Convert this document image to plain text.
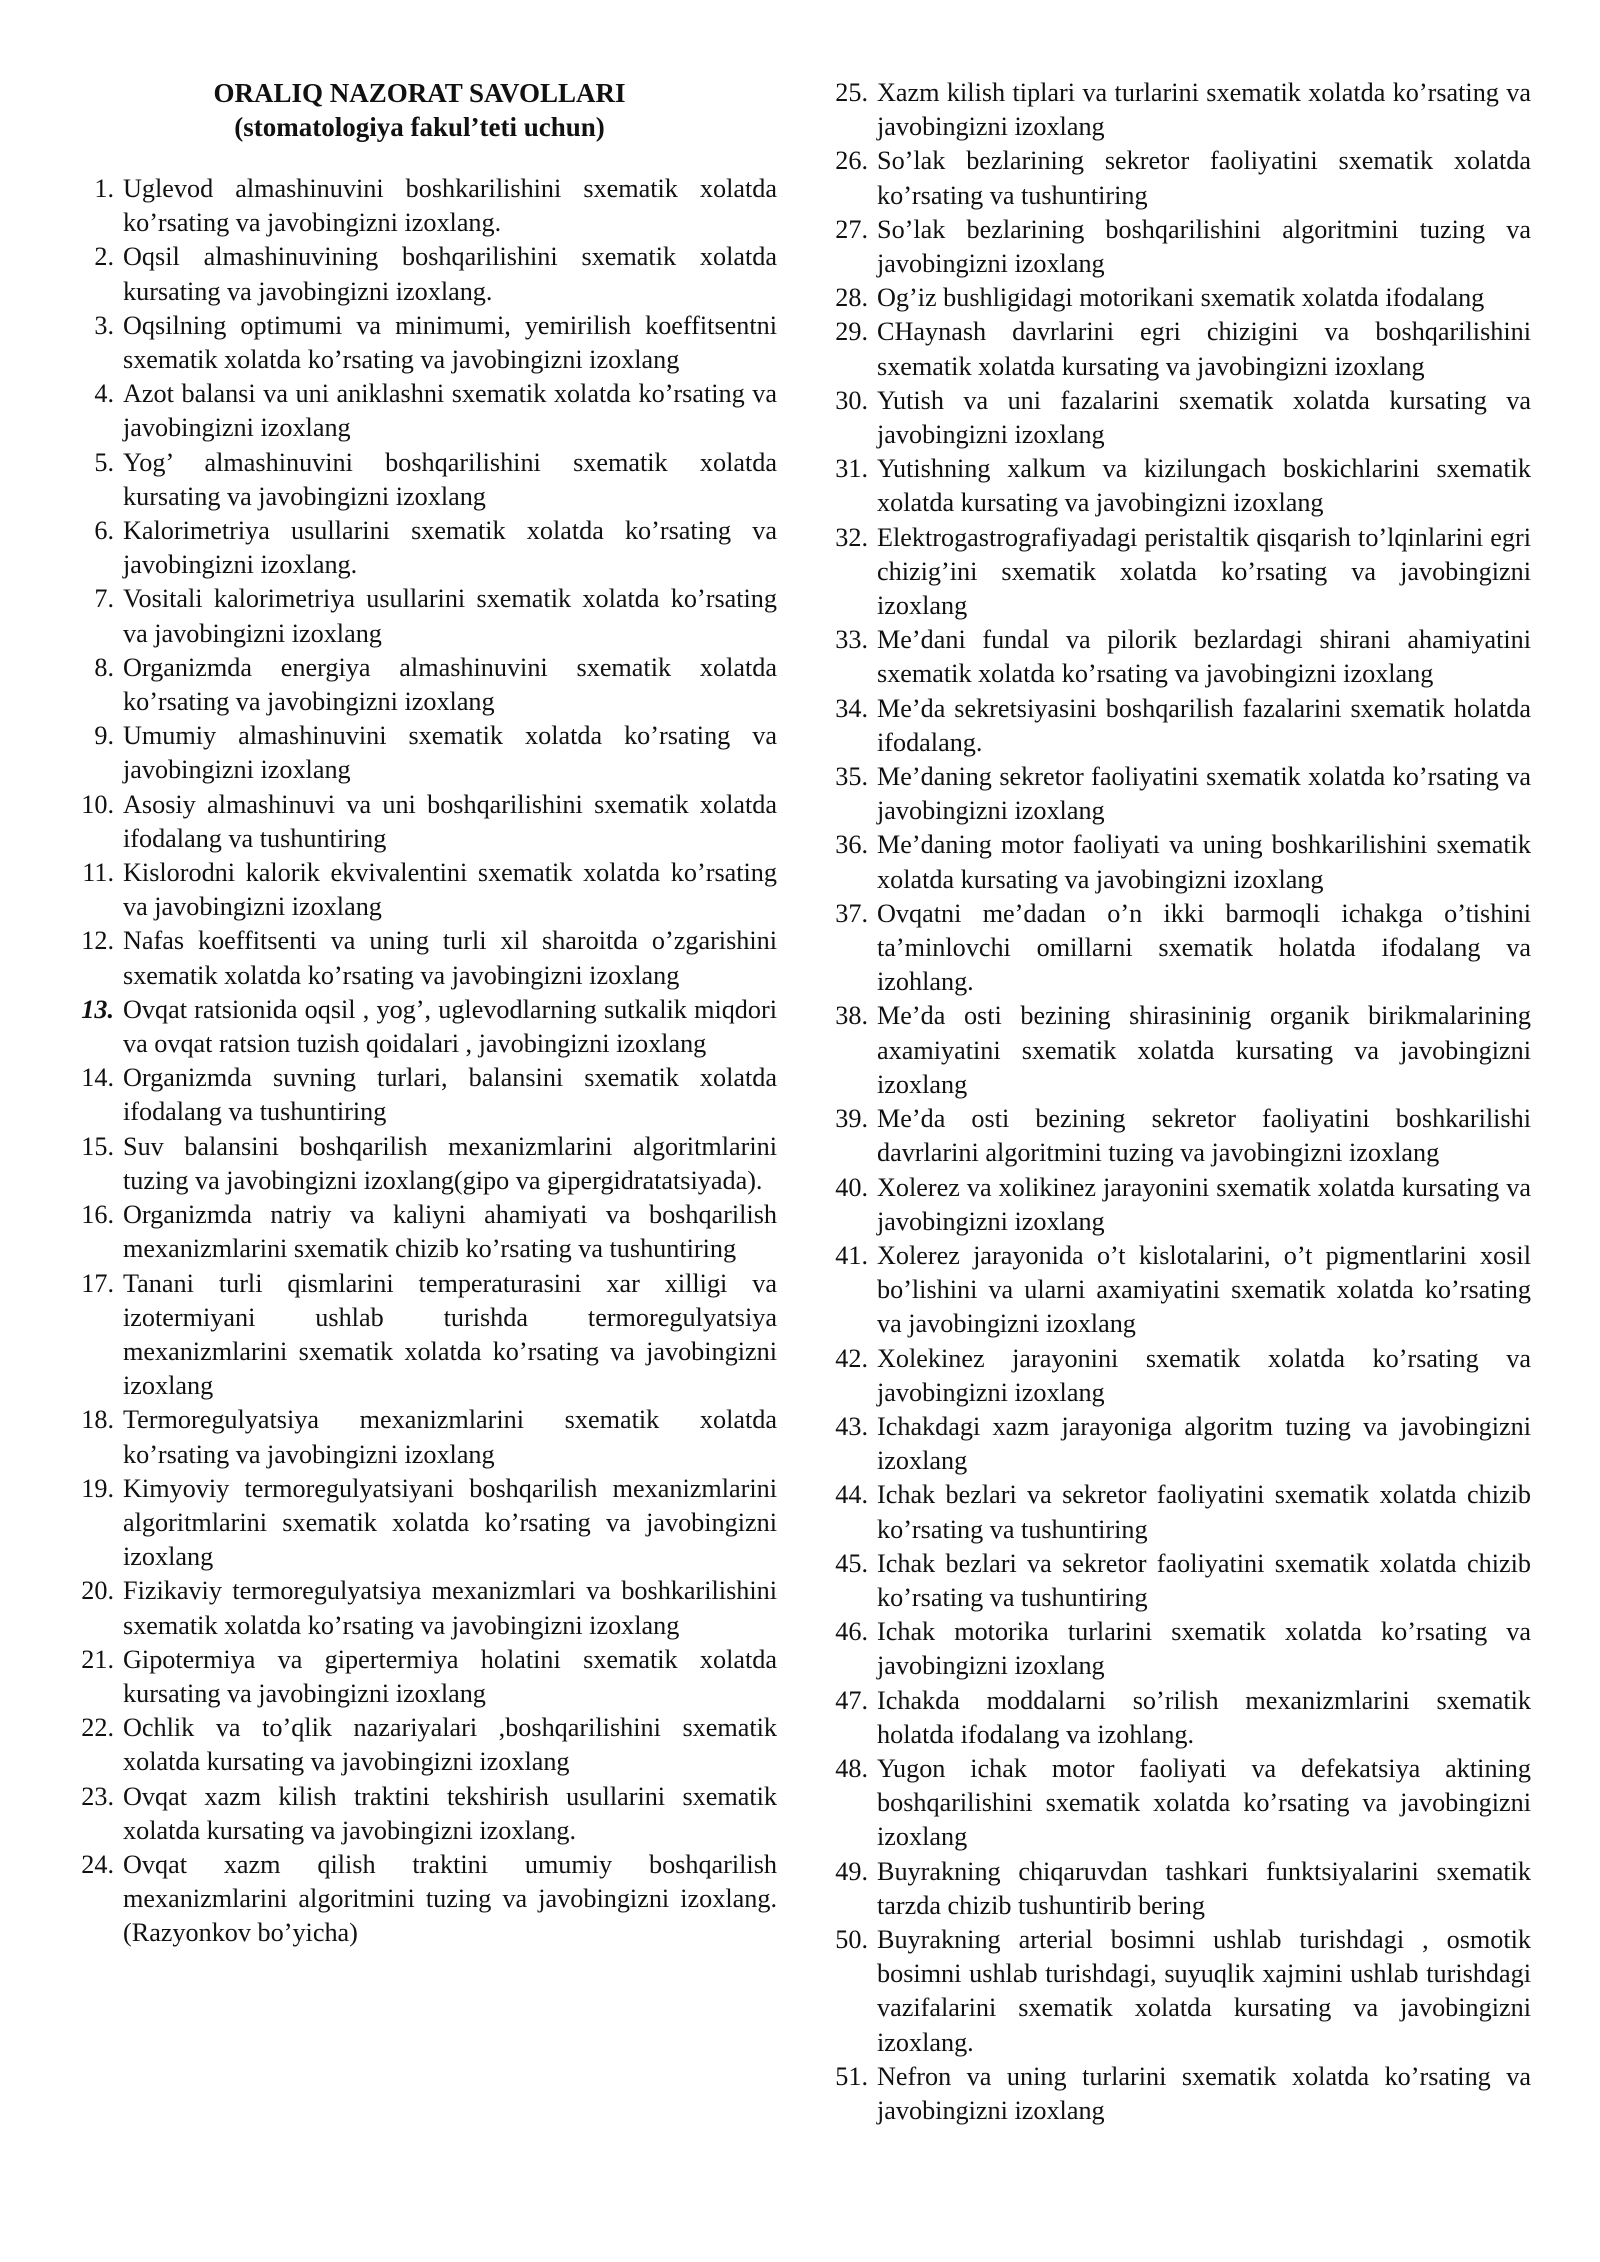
ORALIQ NAZORAT SAVOLLARI

(stomatologiya fakul’teti uchun)

1. Uglevod almashinuvini boshkarilishini sxematik xolatda ko’rsating va javobingizni izoxlang.
2. Oqsil almashinuvining boshqarilishini sxematik xolatda kursating va javobingizni izoxlang.
3. Oqsilning optimumi va minimumi, yemirilish koeffitsentni sxematik xolatda ko’rsating va javobingizni izoxlang
4. Azot balansi va uni aniklashni sxematik xolatda ko’rsating va javobingizni izoxlang
5. Yog’ almashinuvini boshqarilishini sxematik xolatda kursating va javobingizni izoxlang
6. Kalorimetriya usullarini sxematik xolatda ko’rsating va javobingizni izoxlang.
7. Vositali kalorimetriya usullarini sxematik xolatda ko’rsating va javobingizni izoxlang
8. Organizmda energiya almashinuvini sxematik xolatda ko’rsating va javobingizni izoxlang
9. Umumiy almashinuvini sxematik xolatda ko’rsating va javobingizni izoxlang
10. Asosiy almashinuvi va uni boshqarilishini sxematik xolatda ifodalang va tushuntiring
11. Kislorodni kalorik ekvivalentini sxematik xolatda ko’rsating va javobingizni izoxlang
12. Nafas koeffitsenti va uning turli xil sharoitda o’zgarishini sxematik xolatda ko’rsating va javobingizni izoxlang
13. Ovqat ratsionida oqsil , yog’, uglevodlarning sutkalik miqdori va ovqat ratsion tuzish qoidalari , javobingizni izoxlang
14. Organizmda suvning turlari, balansini sxematik xolatda ifodalang va tushuntiring
15. Suv balansini boshqarilish mexanizmlarini algoritmlarini tuzing va javobingizni izoxlang(gipo va gipergidratatsiyada).
16. Organizmda natriy va kaliyni ahamiyati va boshqarilish mexanizmlarini sxematik chizib ko’rsating va tushuntiring
17. Tanani turli qismlarini temperaturasini xar xilligi va izotermiyani ushlab turishda termoregulyatsiya mexanizmlarini sxematik xolatda ko’rsating va javobingizni izoxlang
18. Termoregulyatsiya mexanizmlarini sxematik xolatda ko’rsating va javobingizni izoxlang
19. Kimyoviy termoregulyatsiyani boshqarilish mexanizmlarini algoritmlarini sxematik xolatda ko’rsating va javobingizni izoxlang
20. Fizikaviy termoregulyatsiya mexanizmlari va boshkarilishini sxematik xolatda ko’rsating va javobingizni izoxlang
21. Gipotermiya va gipertermiya holatini sxematik xolatda kursating va javobingizni izoxlang
22. Ochlik va to’qlik nazariyalari ,boshqarilishini sxematik xolatda kursating va javobingizni izoxlang
23. Ovqat xazm kilish traktini tekshirish usullarini sxematik xolatda kursating va javobingizni izoxlang.
24. Ovqat xazm qilish traktini umumiy boshqarilish mexanizmlarini algoritmini tuzing va javobingizni izoxlang.(Razyonkov bo’yicha)
25. Xazm kilish tiplari va turlarini sxematik xolatda ko’rsating va javobingizni izoxlang
26. So’lak bezlarining sekretor faoliyatini sxematik xolatda ko’rsating va tushuntiring
27. So’lak bezlarining boshqarilishini algoritmini tuzing va javobingizni izoxlang
28. Og’iz bushligidagi motorikani sxematik xolatda ifodalang
29. CHaynash davrlarini egri chizigini va boshqarilishini sxematik xolatda kursating va javobingizni izoxlang
30. Yutish va uni fazalarini sxematik xolatda kursating va javobingizni izoxlang
31. Yutishning xalkum va kizilungach boskichlarini sxematik xolatda kursating va javobingizni izoxlang
32. Elektrogastrografiyadagi peristaltik qisqarish to’lqinlarini egri chizig’ini sxematik xolatda ko’rsating va javobingizni izoxlang
33. Me’dani fundal va pilorik bezlardagi shirani ahamiyatini sxematik xolatda ko’rsating va javobingizni izoxlang
34. Me’da sekretsiyasini boshqarilish fazalarini sxematik holatda ifodalang.
35. Me’daning sekretor faoliyatini sxematik xolatda ko’rsating va javobingizni izoxlang
36. Me’daning motor faoliyati va uning boshkarilishini sxematik xolatda kursating va javobingizni izoxlang
37. Ovqatni me’dadan o’n ikki barmoqli ichakga o’tishini ta’minlovchi omillarni sxematik holatda ifodalang va izohlang.
38. Me’da osti bezining shirasininig organik birikmalarining axamiyatini sxematik xolatda kursating va javobingizni izoxlang
39. Me’da osti bezining sekretor faoliyatini boshkarilishi davrlarini algoritmini tuzing va javobingizni izoxlang
40. Xolerez va xolikinez jarayonini sxematik xolatda kursating va javobingizni izoxlang
41. Xolerez jarayonida o’t kislotalarini, o’t pigmentlarini xosil bo’lishini va ularni axamiyatini sxematik xolatda ko’rsating va javobingizni izoxlang
42. Xolekinez jarayonini sxematik xolatda ko’rsating va javobingizni izoxlang
43. Ichakdagi xazm jarayoniga algoritm tuzing va javobingizni izoxlang
44. Ichak bezlari va sekretor faoliyatini sxematik xolatda chizib ko’rsating va tushuntiring
45. Ichak bezlari va sekretor faoliyatini sxematik xolatda chizib ko’rsating va tushuntiring
46. Ichak motorika turlarini sxematik xolatda ko’rsating va javobingizni izoxlang
47. Ichakda moddalarni so’rilish mexanizmlarini sxematik holatda ifodalang va izohlang.
48. Yugon ichak motor faoliyati va defekatsiya aktining boshqarilishini sxematik xolatda ko’rsating va javobingizni izoxlang
49. Buyrakning chiqaruvdan tashkari funktsiyalarini sxematik tarzda chizib tushuntirib bering
50. Buyrakning arterial bosimni ushlab turishdagi , osmotik bosimni ushlab turishdagi, suyuqlik xajmini ushlab turishdagi vazifalarini sxematik xolatda kursating va javobingizni izoxlang.
51. Nefron va uning turlarini sxematik xolatda ko’rsating va javobingizni izoxlang
